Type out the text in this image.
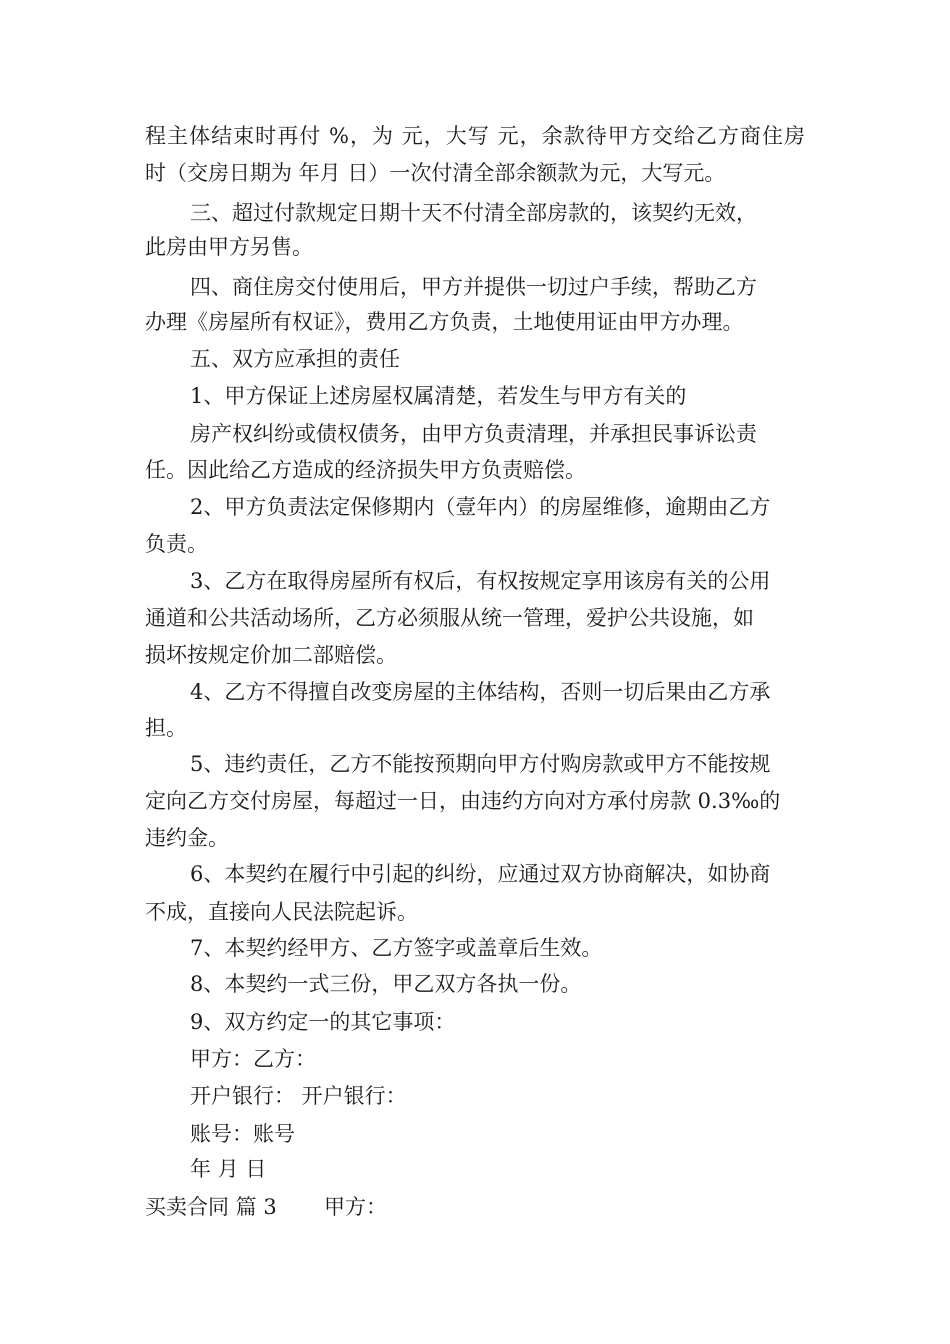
程主体结束时再付 %，为 元，大写 元，余款待甲方交给乙方商住房
时（交房日期为 年月 日）一次付清全部余额款为元，大写元。
三、超过付款规定日期十天不付清全部房款的，该契约无效，
此房由甲方另售。
四、商住房交付使用后，甲方并提供一切过户手续，帮助乙方
办理《房屋所有权证》，费用乙方负责，土地使用证由甲方办理。
五、双方应承担的责任
1、甲方保证上述房屋权属清楚，若发生与甲方有关的
房产权纠纷或债权债务，由甲方负责清理，并承担民事诉讼责
任。因此给乙方造成的经济损失甲方负责赔偿。
2、甲方负责法定保修期内（壹年内）的房屋维修，逾期由乙方
负责。
3、乙方在取得房屋所有权后，有权按规定享用该房有关的公用
通道和公共活动场所，乙方必须服从统一管理，爱护公共设施，如
损坏按规定价加二部赔偿。
4、乙方不得擅自改变房屋的主体结构，否则一切后果由乙方承
担。
5、违约责任，乙方不能按预期向甲方付购房款或甲方不能按规
定向乙方交付房屋，每超过一日，由违约方向对方承付房款 0.3‰的
违约金。
6、本契约在履行中引起的纠纷，应通过双方协商解决，如协商
不成，直接向人民法院起诉。
7、本契约经甲方、乙方签字或盖章后生效。
8、本契约一式三份，甲乙双方各执一份。
9、双方约定一的其它事项：
甲方：乙方：
开户银行： 开户银行：
账号：账号
年 月 日
买卖合同 篇 3 甲方：
